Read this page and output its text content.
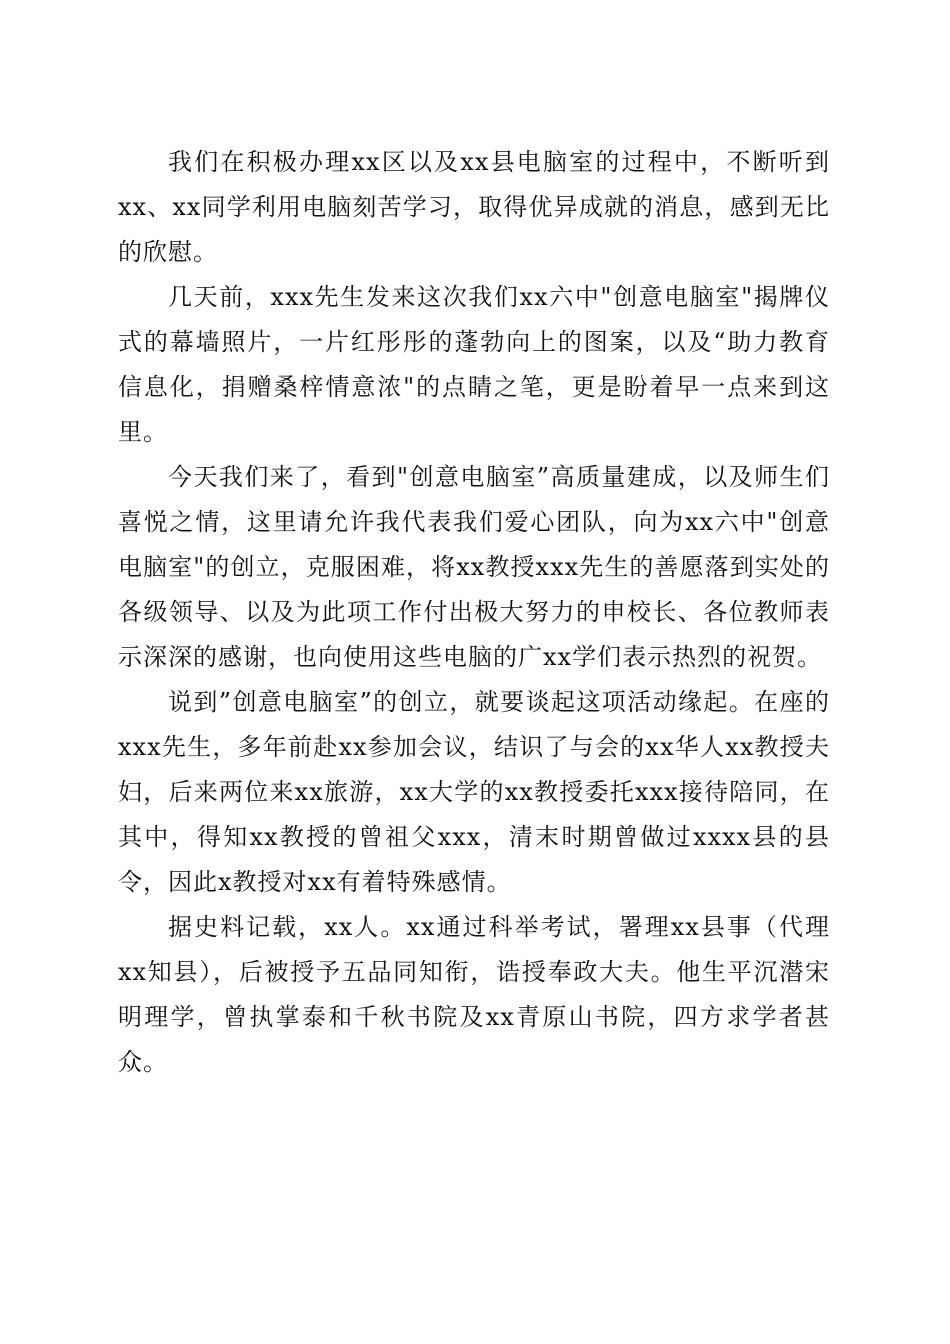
我们在积极办理xx区以及xx县电脑室的过程中，不断听到xx、xx同学利用电脑刻苦学习，取得优异成就的消息，感到无比的欣慰。

几天前，xxx先生发来这次我们xx六中"创意电脑室"揭牌仪式的幕墙照片，一片红彤彤的蓬勃向上的图案，以及“助力教育信息化，捐赠桑梓情意浓"的点睛之笔，更是盼着早一点来到这里。

今天我们来了，看到"创意电脑室”高质量建成，以及师生们喜悦之情，这里请允许我代表我们爱心团队，向为xx六中"创意电脑室"的创立，克服困难，将xx教授xxx先生的善愿落到实处的各级领导、以及为此项工作付出极大努力的申校长、各位教师表示深深的感谢，也向使用这些电脑的广xx学们表示热烈的祝贺。

说到”创意电脑室”的创立，就要谈起这项活动缘起。在座的xxx先生，多年前赴xx参加会议，结识了与会的xx华人xx教授夫妇，后来两位来xx旅游，xx大学的xx教授委托xxx接待陪同，在其中，得知xx教授的曾祖父xxx，清末时期曾做过xxxx县的县令，因此x教授对xx有着特殊感情。

据史料记载，xx人。xx通过科举考试，署理xx县事（代理xx知县），后被授予五品同知衔，诰授奉政大夫。他生平沉潜宋明理学，曾执掌泰和千秋书院及xx青原山书院，四方求学者甚众。
